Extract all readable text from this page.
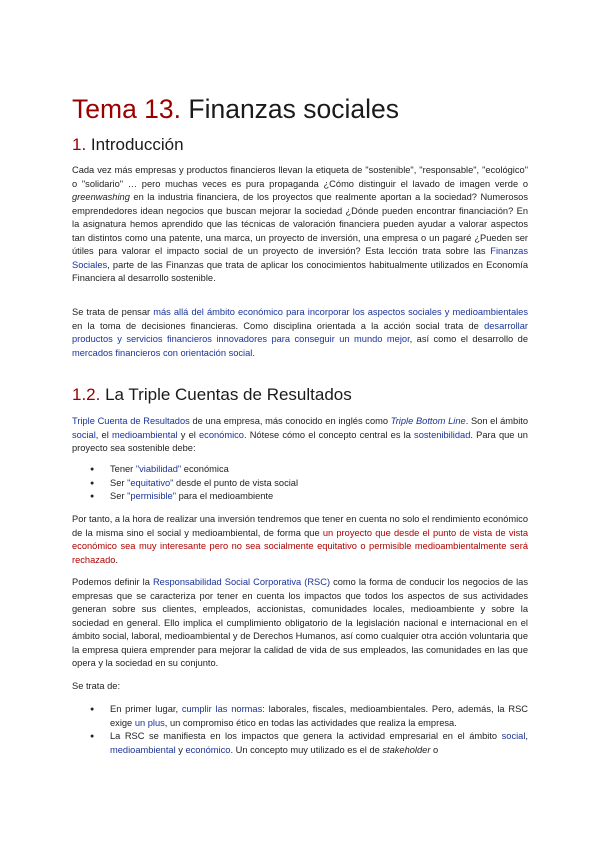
Tema 13. Finanzas sociales
1. Introducción

Cada vez más empresas y productos financieros llevan la etiqueta de "sostenible", "responsable", "ecológico" o "solidario" … pero muchas veces es pura propaganda ¿Cómo distinguir el lavado de imagen verde o greenwashing en la industria financiera, de los proyectos que realmente aportan a la sociedad? Numerosos emprendedores idean negocios que buscan mejorar la sociedad ¿Dónde pueden encontrar financiación? En la asignatura hemos aprendido que las técnicas de valoración financiera pueden ayudar a valorar aspectos tan distintos como una patente, una marca, un proyecto de inversión, una empresa o un pagaré ¿Pueden ser útiles para valorar el impacto social de un proyecto de inversión? Esta lección trata sobre las Finanzas Sociales, parte de las Finanzas que trata de aplicar los conocimientos habitualmente utilizados en Economía Financiera al desarrollo sostenible.

Se trata de pensar más allá del ámbito económico para incorporar los aspectos sociales y medioambientales en la toma de decisiones financieras. Como disciplina orientada a la acción social trata de desarrollar productos y servicios financieros innovadores para conseguir un mundo mejor, así como el desarrollo de mercados financieros con orientación social.

1.2. La Triple Cuentas de Resultados

Triple Cuenta de Resultados de una empresa, más conocido en inglés como Triple Bottom Line. Son el ámbito social, el medioambiental y el económico. Nótese cómo el concepto central es la sostenibilidad. Para que un proyecto sea sostenible debe:

● Tener "viabilidad" económica
● Ser "equitativo" desde el punto de vista social
● Ser "permisible" para el medioambiente

Por tanto, a la hora de realizar una inversión tendremos que tener en cuenta no solo el rendimiento económico de la misma sino el social y medioambiental, de forma que un proyecto que desde el punto de vista de vista económico sea muy interesante pero no sea socialmente equitativo o permisible medioambientalmente será rechazado.

Podemos definir la Responsabilidad Social Corporativa (RSC) como la forma de conducir los negocios de las empresas que se caracteriza por tener en cuenta los impactos que todos los aspectos de sus actividades generan sobre sus clientes, empleados, accionistas, comunidades locales, medioambiente y sobre la sociedad en general. Ello implica el cumplimiento obligatorio de la legislación nacional e internacional en el ámbito social, laboral, medioambiental y de Derechos Humanos, así como cualquier otra acción voluntaria que la empresa quiera emprender para mejorar la calidad de vida de sus empleados, las comunidades en las que opera y la sociedad en su conjunto.

Se trata de:

● En primer lugar, cumplir las normas: laborales, fiscales, medioambientales. Pero, además, la RSC exige un plus, un compromiso ético en todas las actividades que realiza la empresa.
● La RSC se manifiesta en los impactos que genera la actividad empresarial en el ámbito social, medioambiental y económico. Un concepto muy utilizado es el de stakeholder o
